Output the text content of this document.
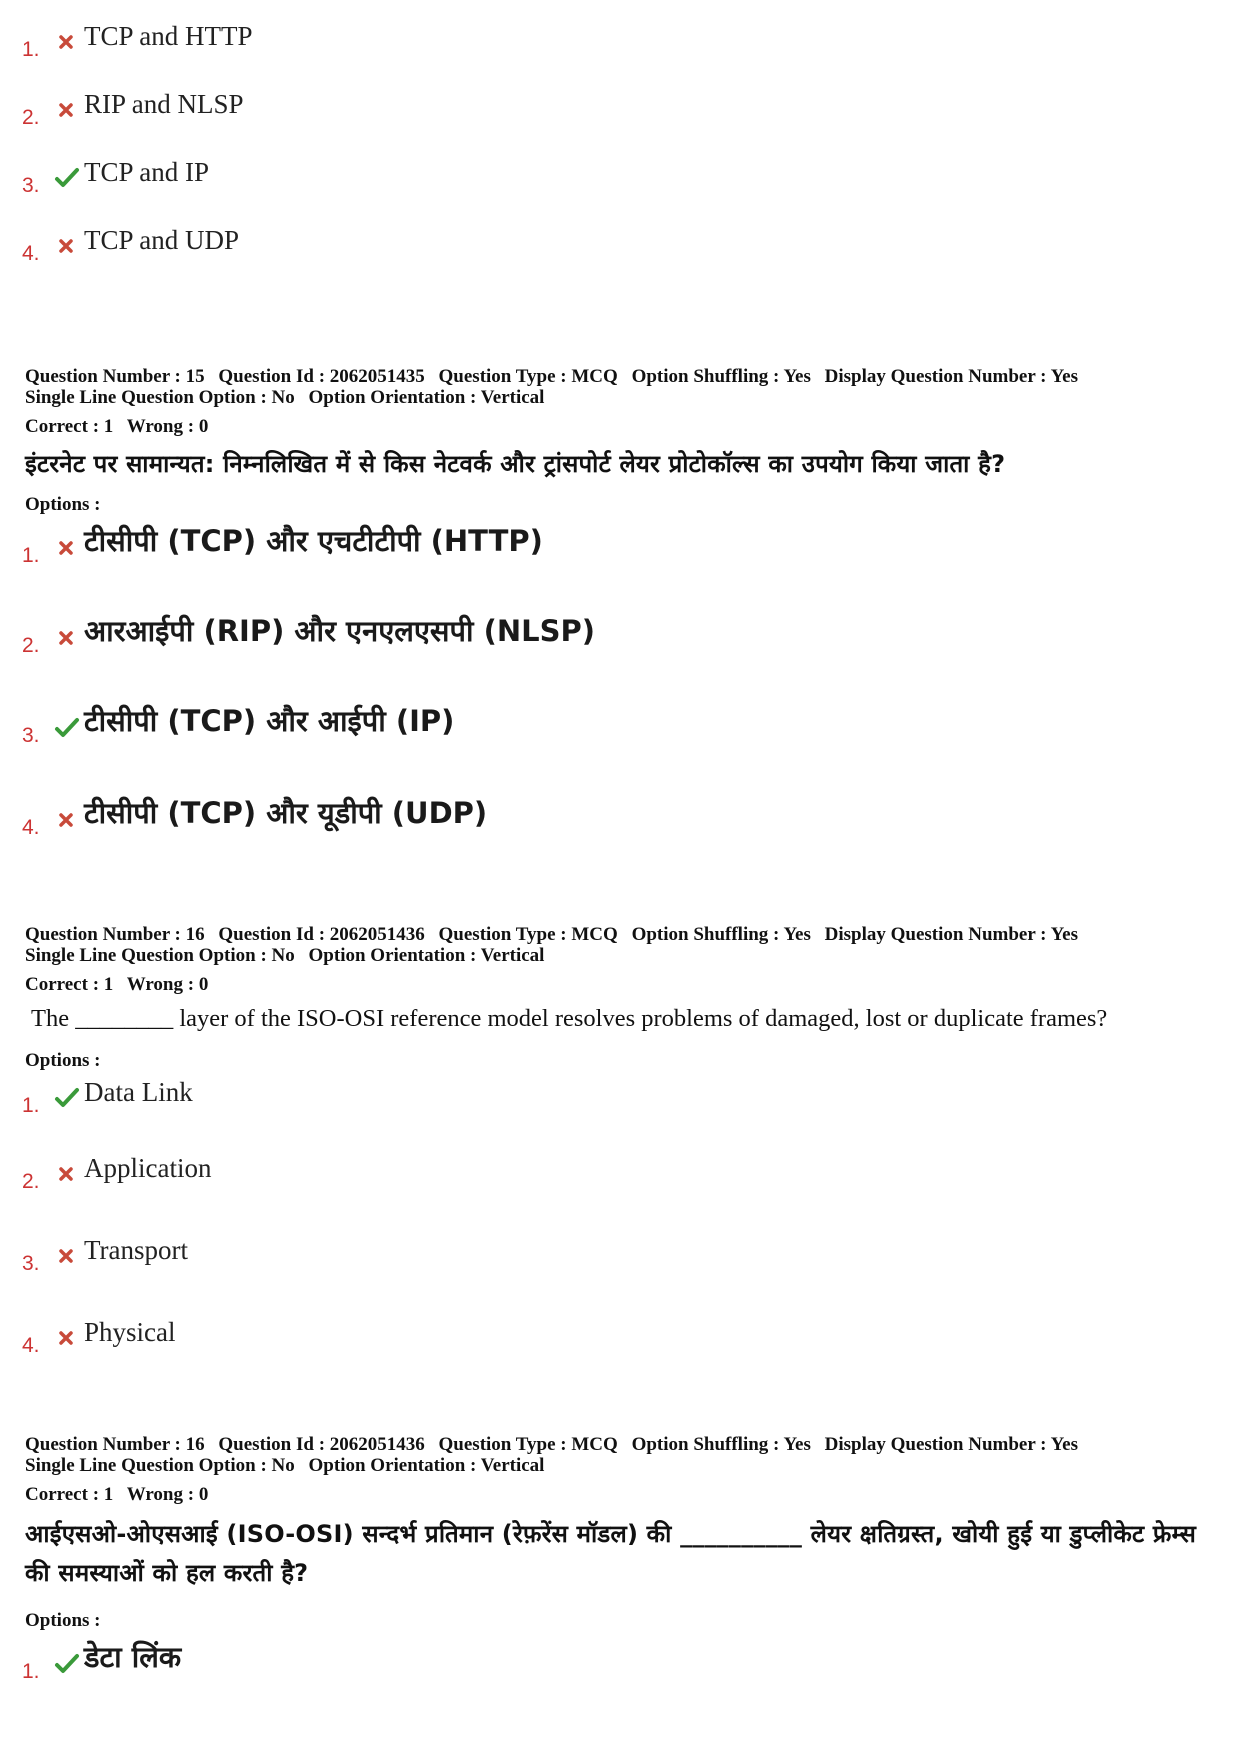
1.	TCP and HTTP
2.	RIP and NLSP
3.	TCP and IP
4.	TCP and UDP
Question Number : 15 Question Id : 2062051435 Question Type : MCQ Option Shuffling : Yes Display Question Number : Yes
Single Line Question Option : No Option Orientation : Vertical
Correct : 1 Wrong : 0
इंटरनेट पर सामान्यत: निम्नलिखित में से किस नेटवर्क और ट्रांसपोर्ट लेयर प्रोटोकॉल्स का उपयोग किया जाता है?
Options :
1.	टीसीपी (TCP) और एचटीटीपी (HTTP)
2.	आरआईपी (RIP) और एनएलएसपी (NLSP)
3.	टीसीपी (TCP) और आईपी (IP)
4.	टीसीपी (TCP) और यूडीपी (UDP)
Question Number : 16 Question Id : 2062051436 Question Type : MCQ Option Shuffling : Yes Display Question Number : Yes
Single Line Question Option : No Option Orientation : Vertical
Correct : 1 Wrong : 0
The ________ layer of the ISO-OSI reference model resolves problems of damaged, lost or duplicate frames?
Options :
1.	Data Link
2.	Application
3.	Transport
4.	Physical
Question Number : 16 Question Id : 2062051436 Question Type : MCQ Option Shuffling : Yes Display Question Number : Yes
Single Line Question Option : No Option Orientation : Vertical
Correct : 1 Wrong : 0
आईएसओ-ओएसआई (ISO-OSI) सन्दर्भ प्रतिमान (रेफ़रेंस मॉडल) की __________ लेयर क्षतिग्रस्त, खोयी हुई या डुप्लीकेट फ्रेम्स की समस्याओं को हल करती है?
Options :
1.	डेटा लिंक
